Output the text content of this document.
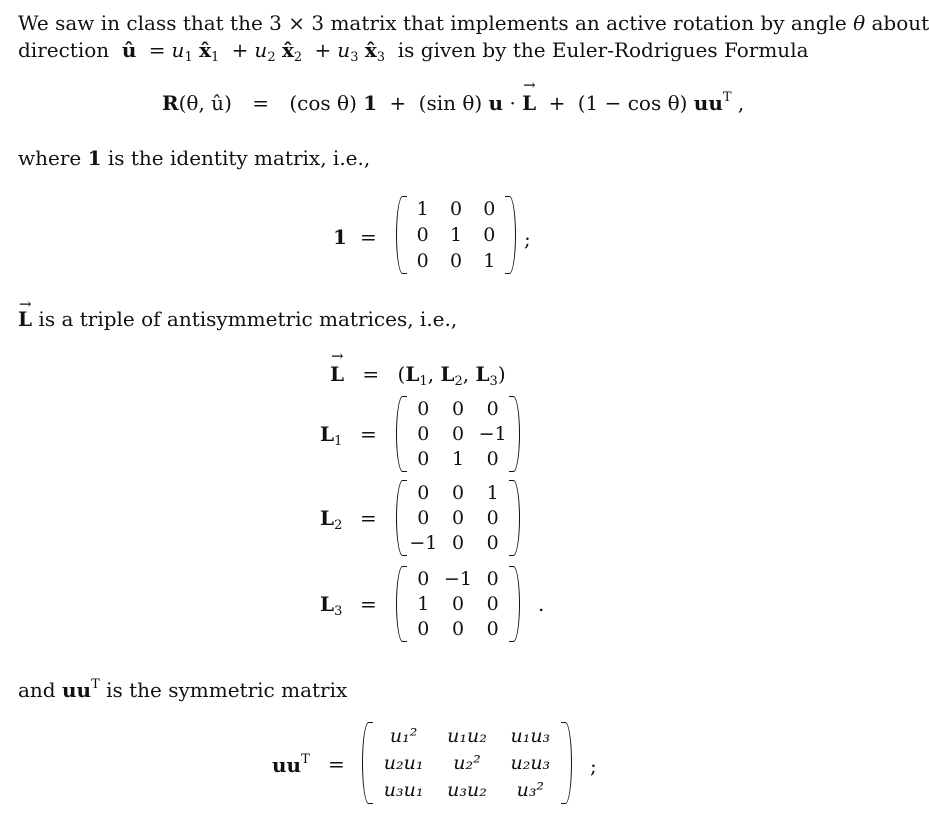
We saw in class that the 3 × 3 matrix that implements an active rotation by angle θ about
direction û = $u_1$ $x̂_1 + u_2$ $x̂_2 + u_3$ $x̂_3$ is given by the Euler-Rodrigues Formula
R(θ, û) = (cos θ) 1 + (sin θ) u · → L + (1 − cos θ) $uu^T$ ,
where 1 is the identity matrix, i.e.,
1 =
1	0	0
0	1	0
0	0	1
;
→ L is a triple of antisymmetric matrices, i.e.,
→ $L = (L_1$, $L_2$, $L_3$)
$L_1$ =
0	0	0
0	0 −1
0	1	0
$L_2$ =
0	0	1
0	0	0
−1 0	0
$L_3$ =
0 −1 0
1	0	0
0	0	0
.
and $uu^T$ is the symmetric matrix
$uu^T$ =
u₁²	u₁u₂	u₁u₃
u₂u₁	u₂²	u₂u₃
u₃u₁	u₃u₂	u₃²
;
